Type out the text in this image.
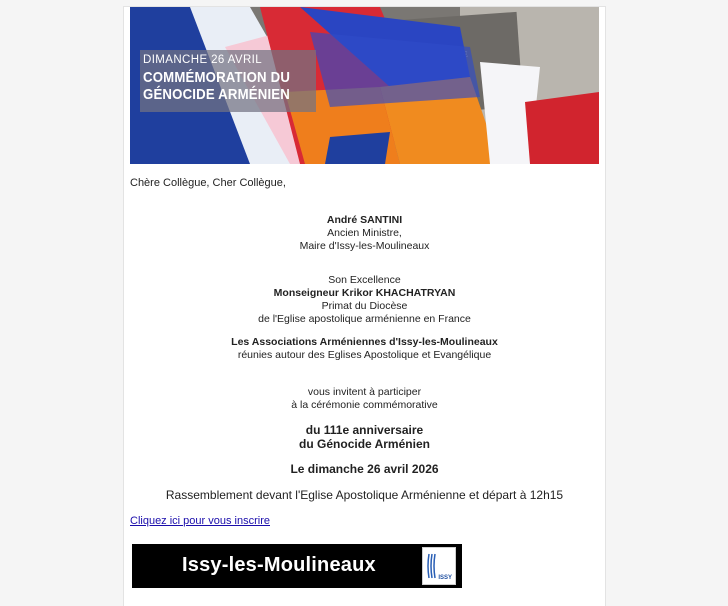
DIMANCHE 26 AVRIL
COMMÉMORATION DU
GÉNOCIDE ARMÉNIEN
Chère Collègue, Cher Collègue,
André SANTINI
Ancien Ministre,
Maire d'Issy-les-Moulineaux
Son Excellence
Monseigneur Krikor KHACHATRYAN
Primat du Diocèse
de l'Eglise apostolique arménienne en France
Les Associations Arméniennes d'Issy-les-Moulineaux
réunies autour des Eglises Apostolique et Evangélique
vous invitent à participer
à la cérémonie commémorative
du 111e anniversaire
du Génocide Arménien
Le dimanche 26 avril 2026
Rassemblement devant l'Eglise Apostolique Arménienne et départ à 12h15
Cliquez ici pour vous inscrire
Issy-les-Moulineaux
ISSY
